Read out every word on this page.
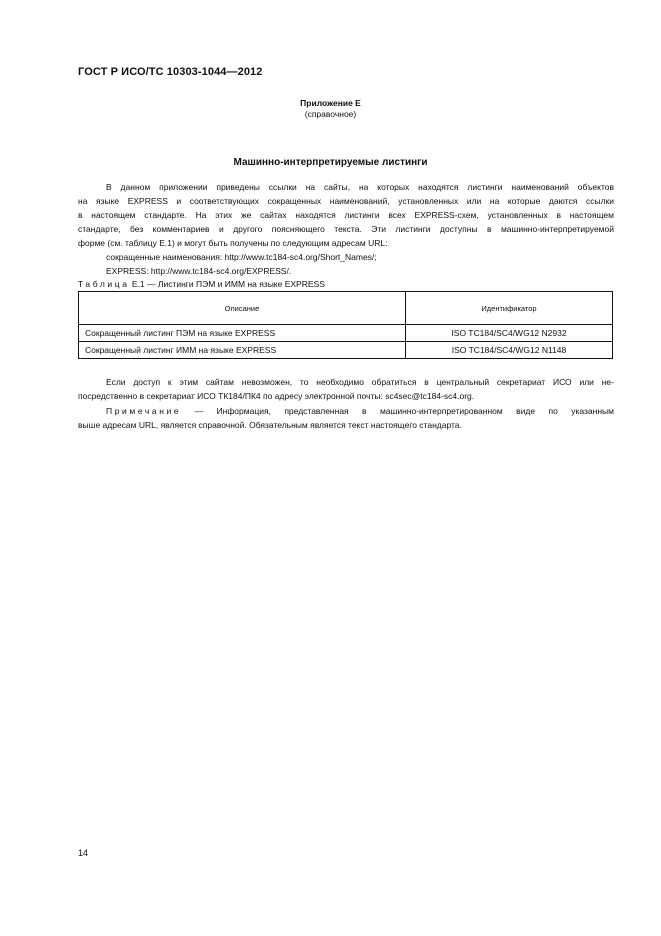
ГОСТ Р ИСО/ТС 10303-1044—2012
Приложение Е
(справочное)
Машинно-интерпретируемые листинги
В данном приложении приведены ссылки на сайты, на которых находятся листинги наименований объектов
на языке EXPRESS и соответствующих сокращенных наименований, установленных или на которые даются ссылки
в настоящем стандарте. На этих же сайтах находятся листинги всех EXPRESS-схем, установленных в настоящем
стандарте, без комментариев и другого поясняющего текста. Эти листинги доступны в машинно-интерпретируемой
форме (см. таблицу Е.1) и могут быть получены по следующим адресам URL:
сокращенные наименования: http://www.tc184-sc4.org/Short_Names/;
EXPRESS: http://www.tc184-sc4.org/EXPRESS/.
Таблица Е.1 — Листинги ПЭМ и ИММ на языке EXPRESS
Описание	Идентификатор
Сокращенный листинг ПЭМ на языке EXPRESS	ISO TC184/SC4/WG12 N2932
Сокращенный листинг ИММ на языке EXPRESS	ISO TC184/SC4/WG12 N1148
Если доступ к этим сайтам невозможен, то необходимо обратиться в центральный секретариат ИСО или не-
посредственно в секретариат ИСО ТК184/ПК4 по адресу электронной почты: sc4sec@tc184-sc4.org.
Примечание — Информация, представленная в машинно-интерпретированном виде по указанным
выше адресам URL, является справочной. Обязательным является текст настоящего стандарта.
14
